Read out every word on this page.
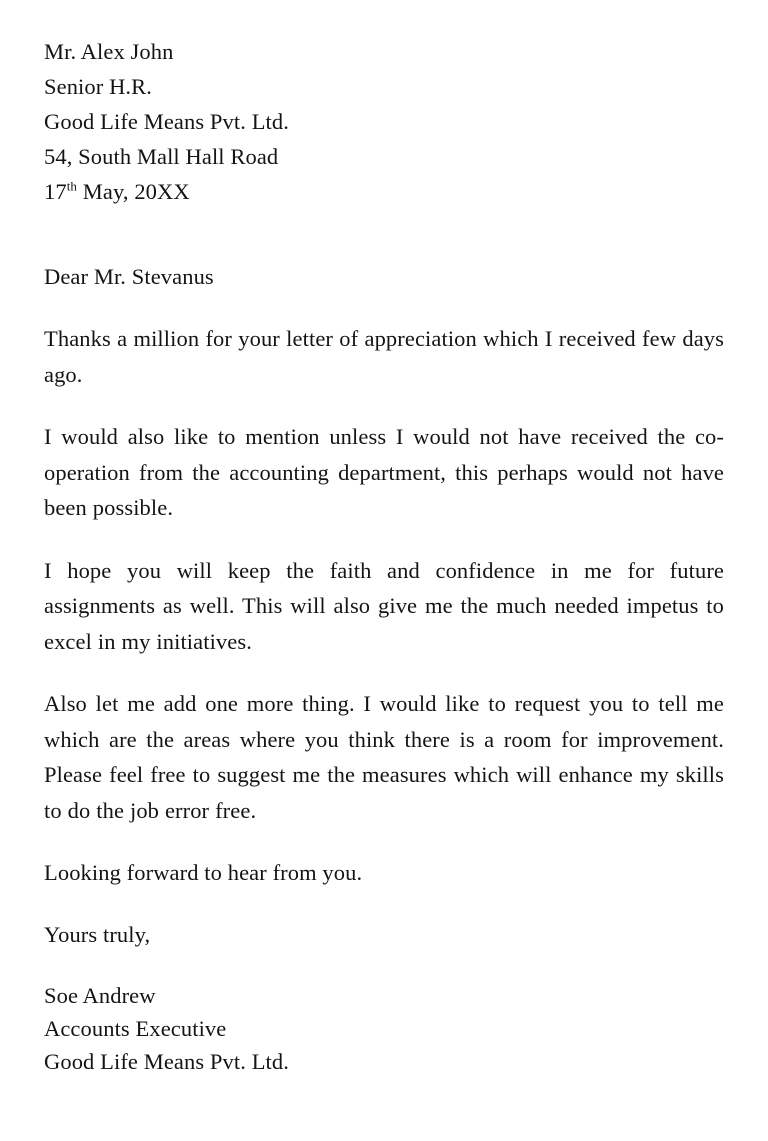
Mr. Alex John
Senior H.R.
Good Life Means Pvt. Ltd.
54, South Mall Hall Road
17th May, 20XX
Dear Mr. Stevanus

Thanks a million for your letter of appreciation which I received few days ago.

I would also like to mention unless I would not have received the co-operation from the accounting department, this perhaps would not have been possible.

I hope you will keep the faith and confidence in me for future assignments as well. This will also give me the much needed impetus to excel in my initiatives.

Also let me add one more thing. I would like to request you to tell me which are the areas where you think there is a room for improvement. Please feel free to suggest me the measures which will enhance my skills to do the job error free.

Looking forward to hear from you.
Yours truly,
Soe Andrew
Accounts Executive
Good Life Means Pvt. Ltd.
